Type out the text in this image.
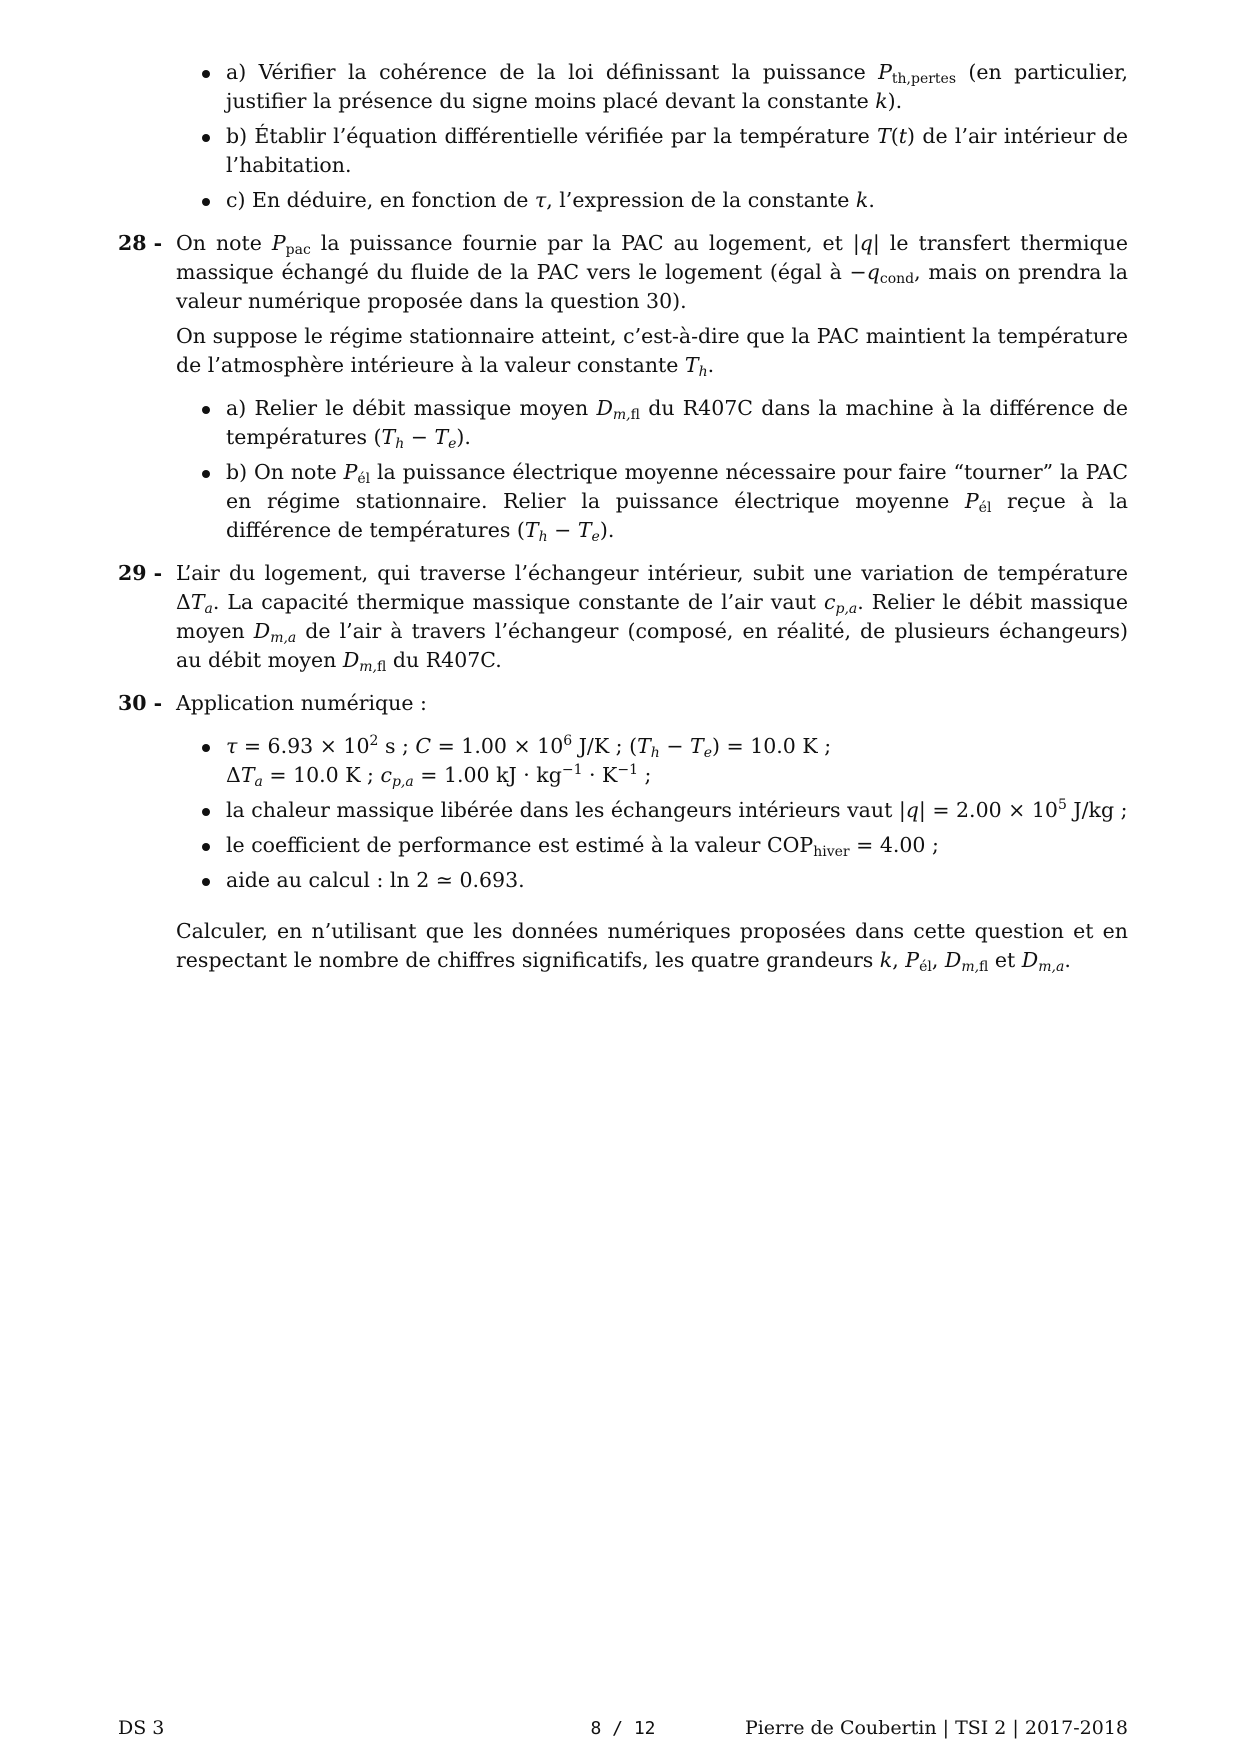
a) Vérifier la cohérence de la loi définissant la puissance $P_{th,pertes}$ (en particulier, justifier la présence du signe moins placé devant la constante k).
b) Établir l’équation différentielle vérifiée par la température T(t) de l’air intérieur de l’habitation.
c) En déduire, en fonction de τ, l’expression de la constante k.
28 - On note $P_{pac}$ la puissance fournie par la PAC au logement, et |q| le transfert thermique massique échangé du fluide de la PAC vers le logement (égal à $-q_{cond}$, mais on prendra la valeur numérique proposée dans la question 30).

On suppose le régime stationnaire atteint, c’est-à-dire que la PAC maintient la température de l’atmosphère intérieure à la valeur constante $T_h$.

a) Relier le débit massique moyen $D_{m,fl}$ du R407C dans la machine à la différence de températures $(T_h - T_e)$.
b) On note $P_{él}$ la puissance électrique moyenne nécessaire pour faire “tourner” la PAC en régime stationnaire. Relier la puissance électrique moyenne $P_{él}$ reçue à la différence de températures $(T_h - T_e)$.
29 - L’air du logement, qui traverse l’échangeur intérieur, subit une variation de température $\Delta T_a$. La capacité thermique massique constante de l’air vaut $c_{p,a}$. Relier le débit massique moyen $D_{m,a}$ de l’air à travers l’échangeur (composé, en réalité, de plusieurs échangeurs) au débit moyen $D_{m,fl}$ du R407C.

30 - Application numérique :

$\tau = 6.93 \times 10^2$ s ; $C = 1.00 \times 10^6$ J/K ; $(T_h - T_e) = 10.0$ K ;
$\Delta T_a = 10.0$ K ; $c_{p,a} = 1.00$ kJ · $kg^{-1} \cdot K^{-1}$ ;
la chaleur massique libérée dans les échangeurs intérieurs vaut $|q| = 2.00 \times 10^5$ J/kg ;
le coefficient de performance est estimé à la valeur $COP_{hiver} = 4.00$ ;
aide au calcul : ln 2 ≃ 0.693.

Calculer, en n’utilisant que les données numériques proposées dans cette question et en respectant le nombre de chiffres significatifs, les quatre grandeurs k, $P_{él}$, $D_{m,fl}$ et $D_{m,a}$.

DS 3	8 / 12	Pierre de Coubertin | TSI 2 | 2017-2018
